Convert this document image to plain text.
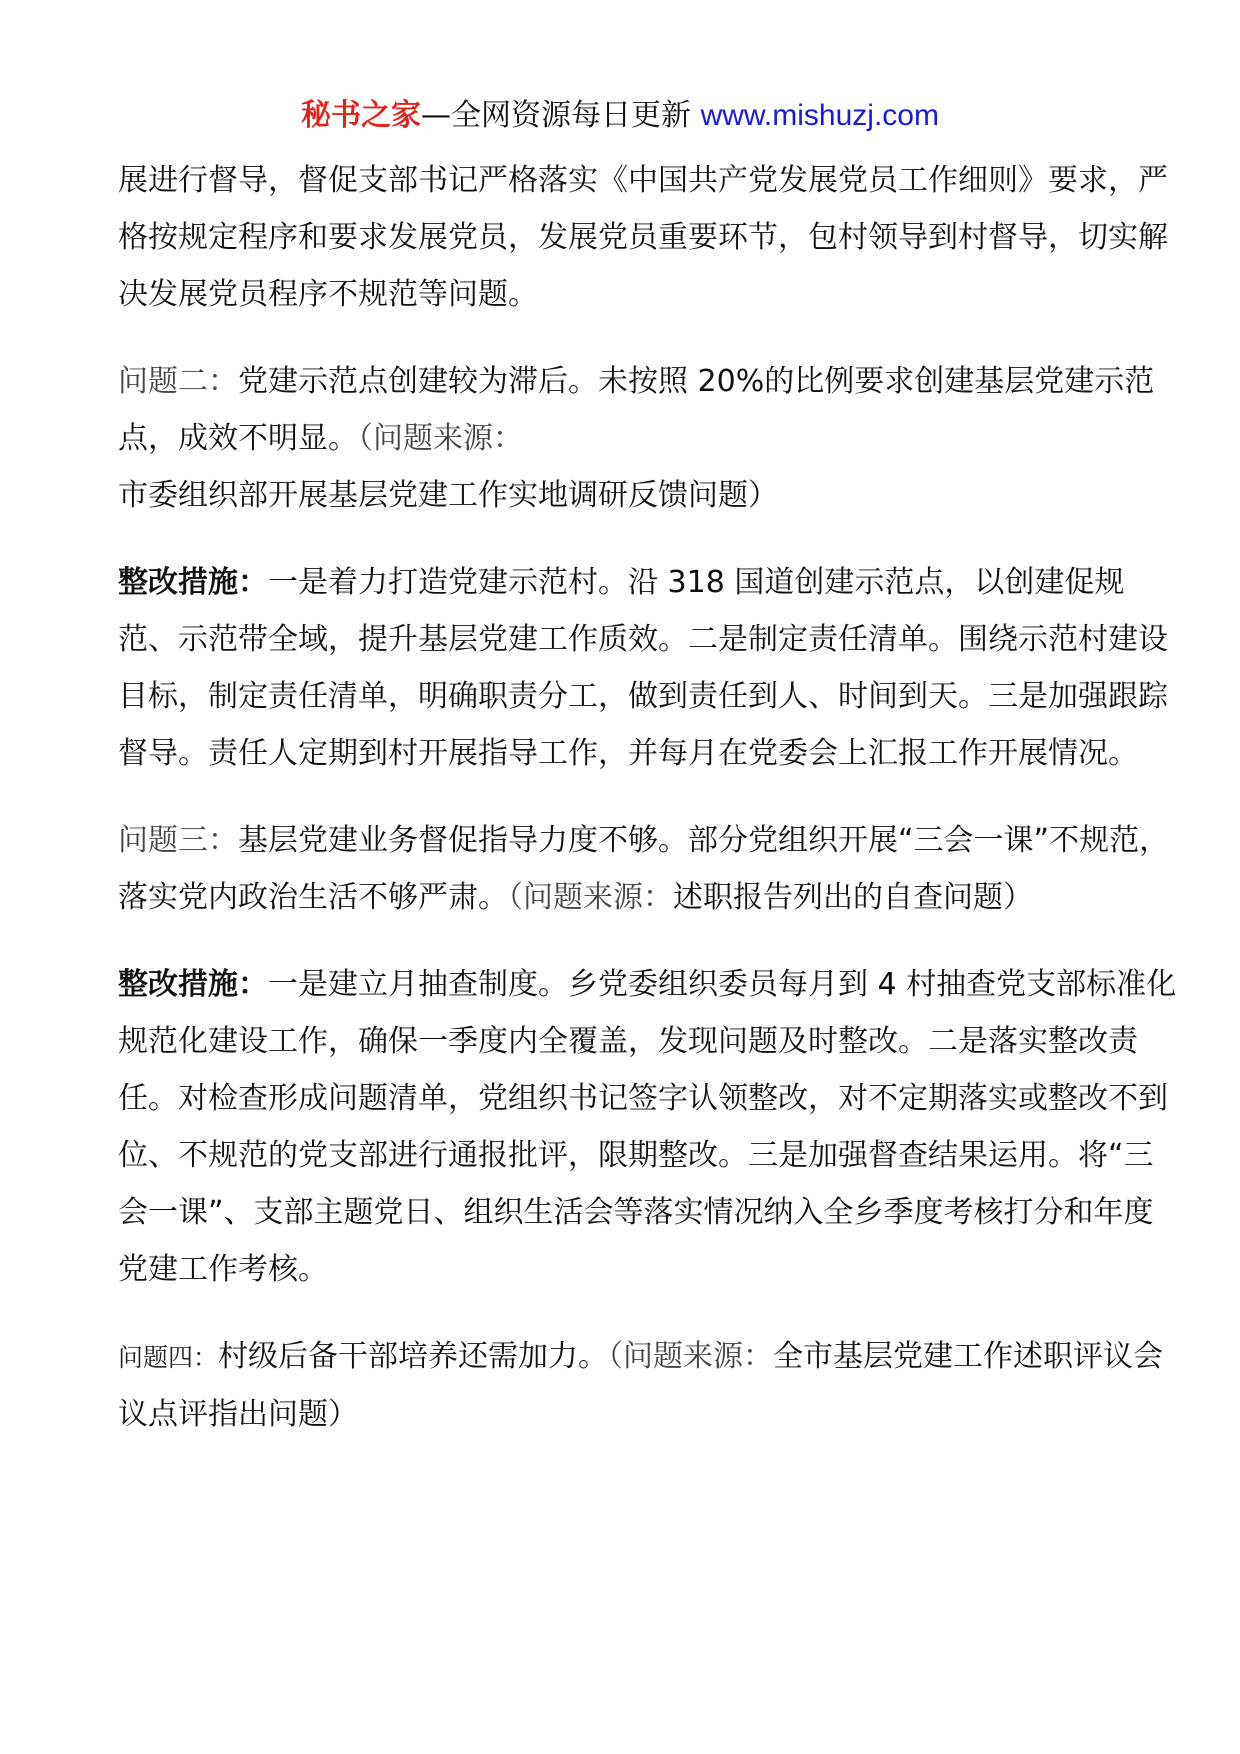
秘书之家—全网资源每日更新 www.mishuzj.com

展进行督导，督促支部书记严格落实《中国共产党发展党员工作细则》要求，严格按规定程序和要求发展党员，发展党员重要环节，包村领导到村督导，切实解决发展党员程序不规范等问题。

问题二：党建示范点创建较为滞后。未按照 20%的比例要求创建基层党建示范点，成效不明显。（问题来源：市委组织部开展基层党建工作实地调研反馈问题）

整改措施：一是着力打造党建示范村。沿 318 国道创建示范点，以创建促规范、示范带全域，提升基层党建工作质效。二是制定责任清单。围绕示范村建设目标，制定责任清单，明确职责分工，做到责任到人、时间到天。三是加强跟踪督导。责任人定期到村开展指导工作，并每月在党委会上汇报工作开展情况。

问题三：基层党建业务督促指导力度不够。部分党组织开展“三会一课”不规范，落实党内政治生活不够严肃。（问题来源：述职报告列出的自查问题）

整改措施：一是建立月抽查制度。乡党委组织委员每月到 4 村抽查党支部标准化规范化建设工作，确保一季度内全覆盖，发现问题及时整改。二是落实整改责任。对检查形成问题清单，党组织书记签字认领整改，对不定期落实或整改不到位、不规范的党支部进行通报批评，限期整改。三是加强督查结果运用。将“三会一课”、支部主题党日、组织生活会等落实情况纳入全乡季度考核打分和年度党建工作考核。

问题四：村级后备干部培养还需加力。（问题来源：全市基层党建工作述职评议会议点评指出问题）
